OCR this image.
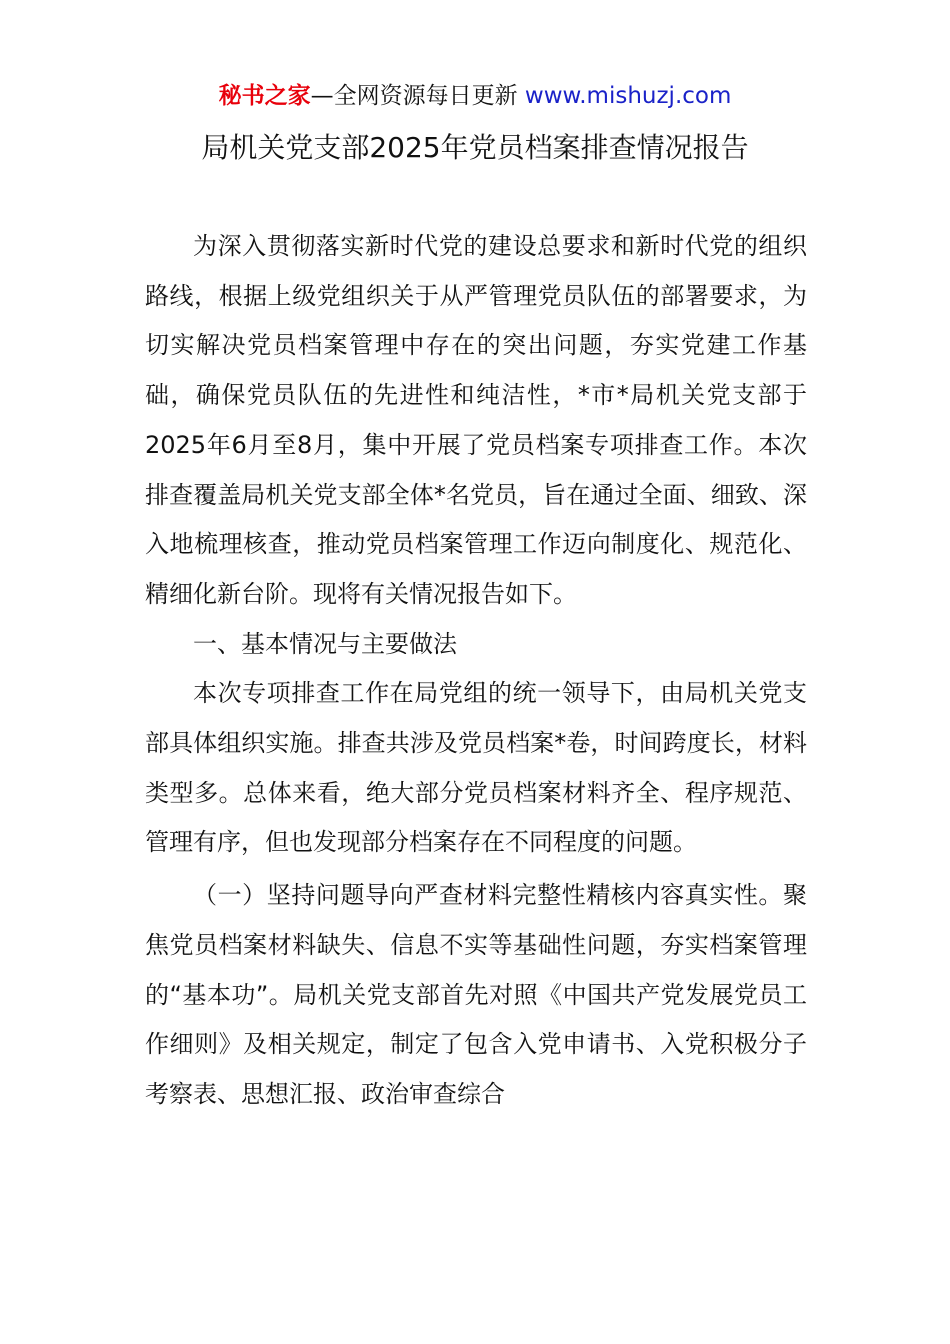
秘书之家—全网资源每日更新 www.mishuzj.com
局机关党支部2025年党员档案排查情况报告

为深入贯彻落实新时代党的建设总要求和新时代党的组织路线，根据上级党组织关于从严管理党员队伍的部署要求，为切实解决党员档案管理中存在的突出问题，夯实党建工作基础，确保党员队伍的先进性和纯洁性，*市*局机关党支部于2025年6月至8月，集中开展了党员档案专项排查工作。本次排查覆盖局机关党支部全体*名党员，旨在通过全面、细致、深入地梳理核查，推动党员档案管理工作迈向制度化、规范化、精细化新台阶。现将有关情况报告如下。

一、基本情况与主要做法

本次专项排查工作在局党组的统一领导下，由局机关党支部具体组织实施。排查共涉及党员档案*卷，时间跨度长，材料类型多。总体来看，绝大部分党员档案材料齐全、程序规范、管理有序，但也发现部分档案存在不同程度的问题。

（一）坚持问题导向严查材料完整性精核内容真实性。聚焦党员档案材料缺失、信息不实等基础性问题，夯实档案管理的“基本功”。局机关党支部首先对照《中国共产党发展党员工作细则》及相关规定，制定了包含入党申请书、入党积极分子考察表、思想汇报、政治审查综合
